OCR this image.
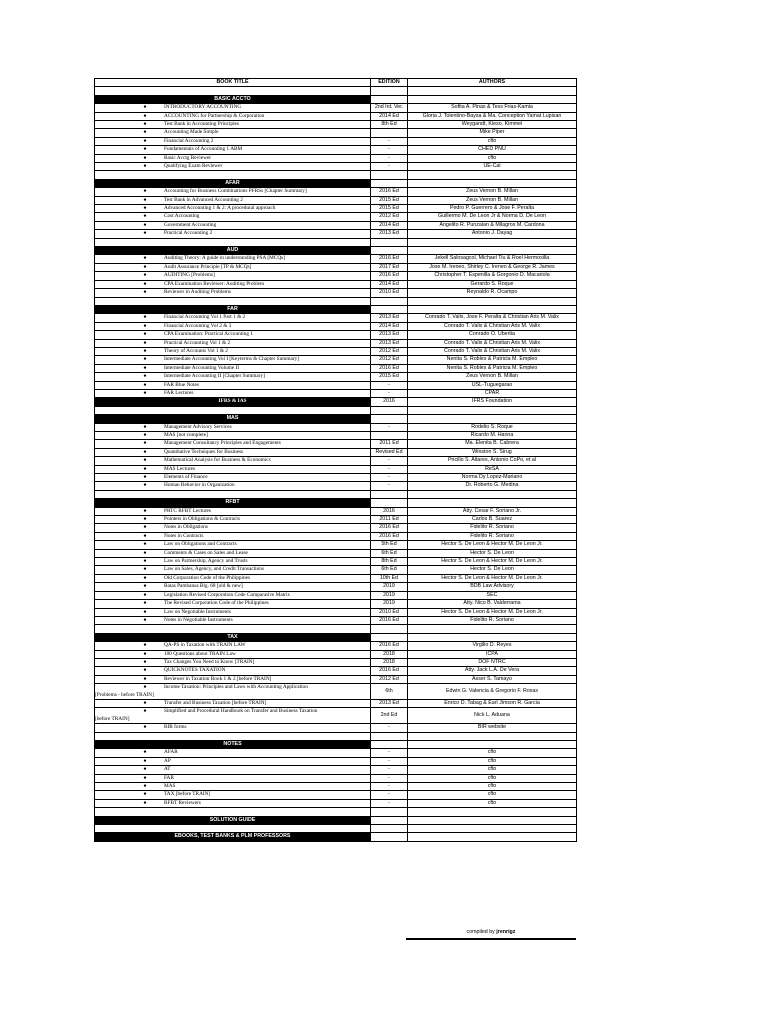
BOOK TITLE	EDITION	AUTHORS

BASIC ACCTO		
● INTRODUCTORY ACCOUNTING	2nd Int. Ver.	Sofita A. Pinas & Tess Frias-Kamia
● ACCOUNTING for Partnership & Corporation	2014 Ed	Gloria J. Tolentino-Baysa & Ma. Conception Yamat Lupisan
● Test Bank in Accounting Principles	8th Ed	Weygandt, Kieso, Kimmel
● Accounting Made Simple		Mike Piper
● Financial Accounting 2	-	cfto
● Fundamentals of Accounting 1 ABM	-	CHED PNU
● Basic Acctg Reviewer	-	cfto
● Qualifying Exam Reviewer	-	UE-Cal

AFAR		
● Accounting for Business Combinations PFRSs [Chapter Summary]	2016 Ed	Zeus Vernon B. Millan
● Test Bank in Advanced Accounting 2	2015 Ed	Zeus Vernon B. Millan
● Advanced Accounting 1 & 2: A procedural approach	2015 Ed	Pedro P. Guerrero & Jose F. Peralta
● Cost Accounting	2012 Ed	Guillermo M. De Leon Jr & Norma D. De Leon
● Government Accounting	2014 Ed	Angelito R. Punzalan & Milagros M. Cardona
● Practical Accounting 2	2013 Ed	Antonio J. Dayag

AUD		
● Auditing Theory: A guide in understanding PSA [MCQs]	2016 Ed	Jekell Salosagcol, Michael Tiu & Roel Hermosilla
● Audit Assurance Principle [TP & MCQs]	2017 Ed	Jose M. Ireneo, Shirley C. Ireneo & George R. James
● AUDITING [Problems]	2016 Ed	Christopher T. Espenilla & Gorgonio D. Macariola
● CPA Examination Reviewer: Auditing Problem	2014 Ed	Gerardo S. Roque
● Reviewer in Auditing Problems	2010 Ed	Reynaldo R. Ocampo

FAR		
● Financial Accounting Vol 1 Part 1 & 2	2013 Ed	Conrado T. Valix, Jose F. Peralta & Christian Aris M. Valix
● Financial Accounting Vol 2 & 3	2014 Ed	Conrado T. Valix & Christian Aris M. Valix
● CPA Examination: Practical Accounting 1	2013 Ed	Conrado O. Ubertia
● Practical Accounting Vol 1 & 2	2013 Ed	Conrado T. Valix & Christian Aris M. Valix
● Theory of Accounts Vol 1 & 2	2012 Ed	Conrado T. Valix & Christian Aris M. Valix
● Intermediate Accounting Vol I [Keyterms & Chapter Summary]	2012 Ed	Nenita S. Robles & Patricia M. Empleo
● Intermediate Accounting Volume II	2016 Ed	Nenita S. Robles & Patricia M. Empleo
● Intermediate Accounting II [Chapter Summary]	2015 Ed	Zeus Vernon B. Millan
● FAR Blue Notes	-	USL-Tuguegarao
● FAR Lectures	-	CPAR
IFRS & IAS	2016	IFRS Foundation

MAS		
● Management Advisory Services	-	Rodelio S. Roque
● MAS [not complete]		Ricardo M. Hanna
● Management Consultancy Principles and Engagements	2011 Ed	Ma. Elenita B. Cabrera
● Quantitative Techniques for Business	Revised Ed	Winston S. Sirug
● Mathematical Analysis for Business & Economics	-	Pricillo S. Altares, Antonio CoPo, et al
● MAS Lectures	-	ReSA
● Elements of Finance	-	Norma Dy Lopez-Mariano
● Human Behavior in Organization	-	Dr. Roberto G. Medina

RFBT		
● PRTC RFBT Lectures	2016	Atty. Cesar F. Soriano Jr.
● Pointers in Obligations & Contracts	2011 Ed	Carlos B. Suarez
● Notes in Obligations	2016 Ed	Fidelito R. Soriano
● Notes in Contracts	2016 Ed	Fidelito R. Soriano
● Law on Obligations and Contracts	5th Ed	Hector S. De Leon & Hector M. De Leon Jr.
● Comments & Cases on Sales and Lease	6th Ed	Hector S. De Leon
● Law on Partnership, Agency and Trusts	8th Ed	Hector S. De Leon & Hector M. De Leon Jr.
● Law on Sales, Agency, and Credit Transactions	6th Ed	Hector S. De Leon
● Old Corporation Code of the Philippines	10th Ed	Hector S. De Leon & Hector M. De Leon Jr.
● Batas Pambansa Blg. 68 [old & new]	2019	BDB Law Advisory
● Legislation Revised Corporation Code Comparative Matrix	2019	SEC
● The Revised Corporation Code of the Philippines	2019	Atty. Nico B. Valderrama
● Law on Negotiable Instruments	2010 Ed	Hector S. De Leon & Hector M. De Leon Jr.
● Notes in Negotiable Instruments	2016 Ed	Fidelito R. Soriano

TAX		
● QA-PS in Taxation with TRAIN LAW	2016 Ed	Virgilio D. Reyes
● 100 Questions about TRAIN Law	2018	ICPA
● Tax Changes You Need to Know [TRAIN]	2018	DOF NTRC
● QUICKNOTES TAXATION	2016 Ed	Atty. Jack L.A. De Vera
● Reviewer in Taxation Book 1 & 2 [before TRAIN]	2012 Ed	Asser S. Tamayo
● Income Taxation: Principles and Laws with Accounting Application
[Problems - before TRAIN]	6th	Edwin G. Valencia & Gregorio F. Roxas
● Transfer and Business Taxation [before TRAIN]	2013 Ed	Enrico D. Tabag & Earl Jimson R. Garcia
● Simplified and Procedural Handbook on Transfer and Business Taxation
[before TRAIN]	2nd Ed	Nick L. Aduana
● BIR forms	-	BIR website

NOTES		
● AFAR	-	cfto
● AP	-	cfto
● AT	-	cfto
● FAR	-	cfto
● MAS	-	cfto
● TAX [before TRAIN]	-	cfto
● RFBT Reviewers	-	cfto

SOLUTION GUIDE		

EBOOKS, TEST BANKS & PLM PROFESSORS		
compiled by jrenrigz
